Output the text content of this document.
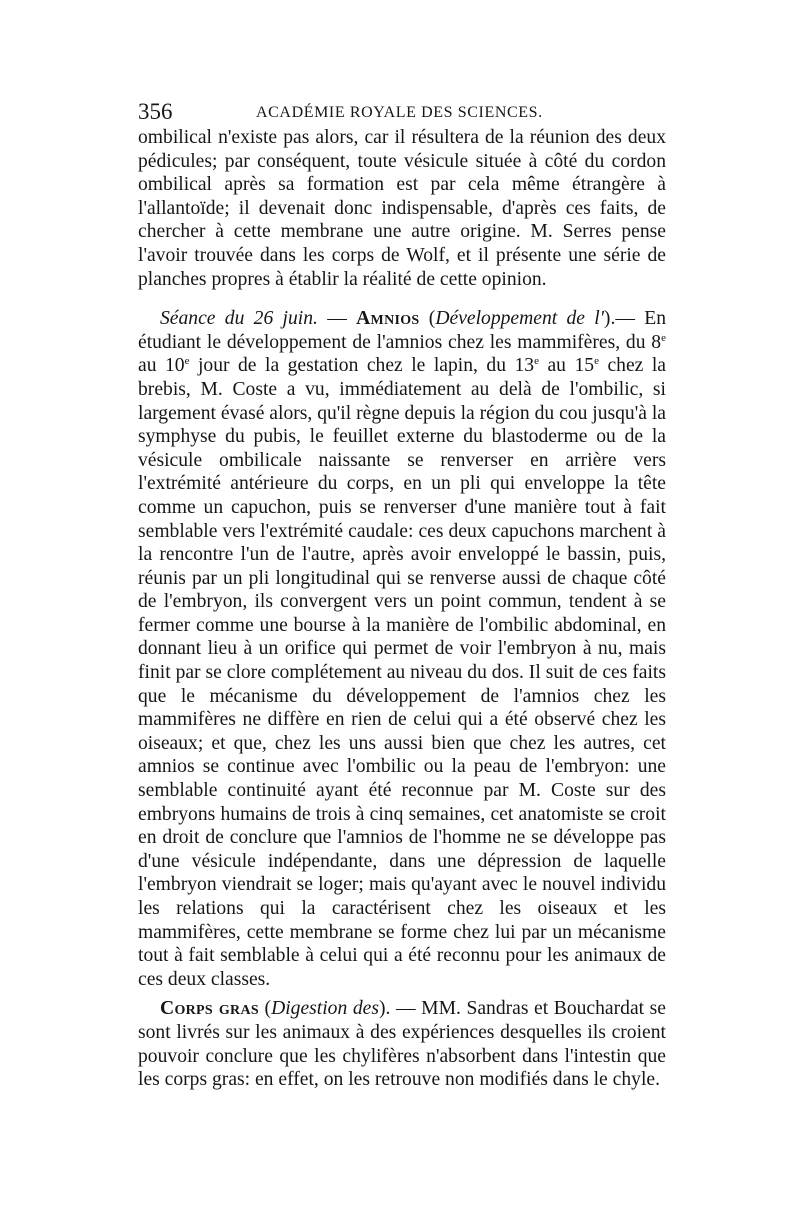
356	ACADÉMIE ROYALE DES SCIENCES.

ombilical n'existe pas alors, car il résultera de la réunion des deux pédicules; par conséquent, toute vésicule située à côté du cordon ombilical après sa formation est par cela même étrangère à l'allantoïde; il devenait donc indispensable, d'après ces faits, de chercher à cette membrane une autre origine. M. Serres pense l'avoir trouvée dans les corps de Wolf, et il présente une série de planches propres à établir la réalité de cette opinion.

Séance du 26 juin. — Amnios (Développement de l').— En étudiant le développement de l'amnios chez les mammifères, du 8e au 10e jour de la gestation chez le lapin, du 13e au 15e chez la brebis, M. Coste a vu, immédiatement au delà de l'ombilic, si largement évasé alors, qu'il règne depuis la région du cou jusqu'à la symphyse du pubis, le feuillet externe du blastoderme ou de la vésicule ombilicale naissante se renverser en arrière vers l'extrémité antérieure du corps, en un pli qui enveloppe la tête comme un capuchon, puis se renverser d'une manière tout à fait semblable vers l'extrémité caudale: ces deux capuchons marchent à la rencontre l'un de l'autre, après avoir enveloppé le bassin, puis, réunis par un pli longitudinal qui se renverse aussi de chaque côté de l'embryon, ils convergent vers un point commun, tendent à se fermer comme une bourse à la manière de l'ombilic abdominal, en donnant lieu à un orifice qui permet de voir l'embryon à nu, mais finit par se clore complétement au niveau du dos. Il suit de ces faits que le mécanisme du développement de l'amnios chez les mammifères ne diffère en rien de celui qui a été observé chez les oiseaux; et que, chez les uns aussi bien que chez les autres, cet amnios se continue avec l'ombilic ou la peau de l'embryon: une semblable continuité ayant été reconnue par M. Coste sur des embryons humains de trois à cinq semaines, cet anatomiste se croit en droit de conclure que l'amnios de l'homme ne se développe pas d'une vésicule indépendante, dans une dépression de laquelle l'embryon viendrait se loger; mais qu'ayant avec le nouvel individu les relations qui la caractérisent chez les oiseaux et les mammifères, cette membrane se forme chez lui par un mécanisme tout à fait semblable à celui qui a été reconnu pour les animaux de ces deux classes.

Corps gras (Digestion des). — MM. Sandras et Bouchardat se sont livrés sur les animaux à des expériences desquelles ils croient pouvoir conclure que les chylifères n'absorbent dans l'intestin que les corps gras: en effet, on les retrouve non modifiés dans le chyle.
